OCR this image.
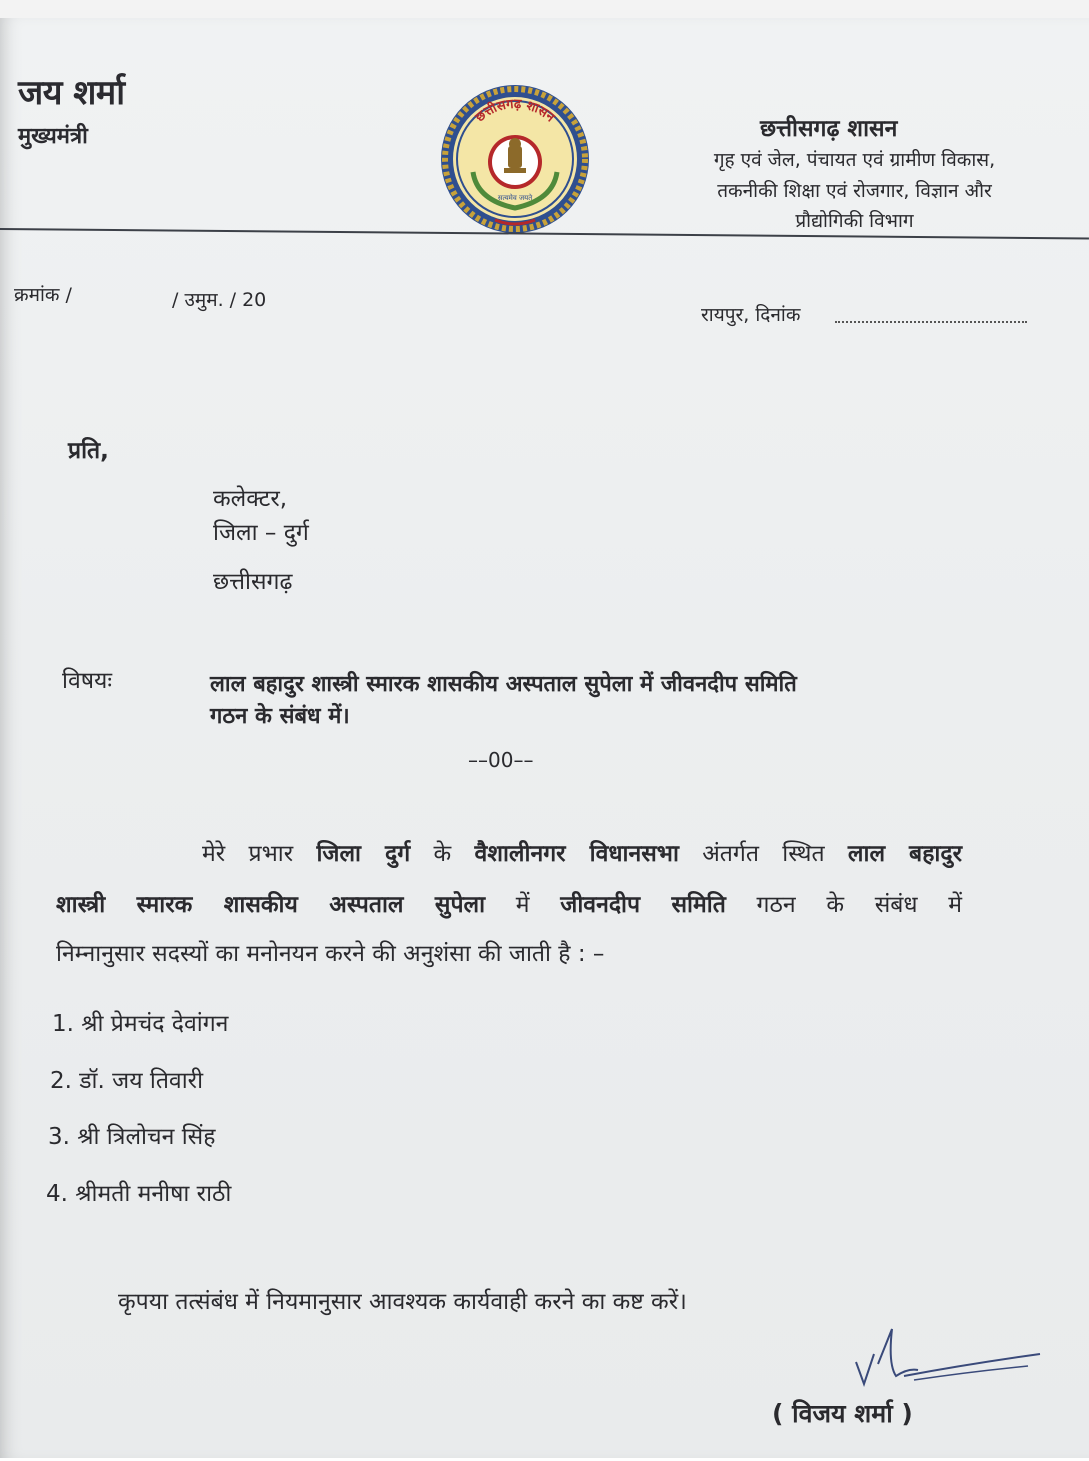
जय शर्मा
मुख्यमंत्री
छत्तीसगढ़ शासन
सत्यमेव जयते
छत्तीसगढ़ शासन
गृह एवं जेल, पंचायत एवं ग्रामीण विकास,
तकनीकी शिक्षा एवं रोजगार, विज्ञान और
प्रौद्योगिकी विभाग
क्रमांक /	/ उमुम. / 20
रायपुर, दिनांक
प्रति,
कलेक्टर,
जिला – दुर्ग
छत्तीसगढ़
विषयः	लाल बहादुर शास्त्री स्मारक शासकीय अस्पताल सुपेला में जीवनदीप समिति
गठन के संबंध में।
––00––
मेरे प्रभार जिला दुर्ग के वैशालीनगर विधानसभा अंतर्गत स्थित लाल बहादुर
शास्त्री स्मारक शासकीय अस्पताल सुपेला में जीवनदीप समिति गठन के संबंध में
निम्नानुसार सदस्यों का मनोनयन करने की अनुशंसा की जाती है : –
1. श्री प्रेमचंद देवांगन
2. डॉ. जय तिवारी
3. श्री त्रिलोचन सिंह
4. श्रीमती मनीषा राठी
कृपया तत्संबंध में नियमानुसार आवश्यक कार्यवाही करने का कष्ट करें।
( विजय शर्मा )
